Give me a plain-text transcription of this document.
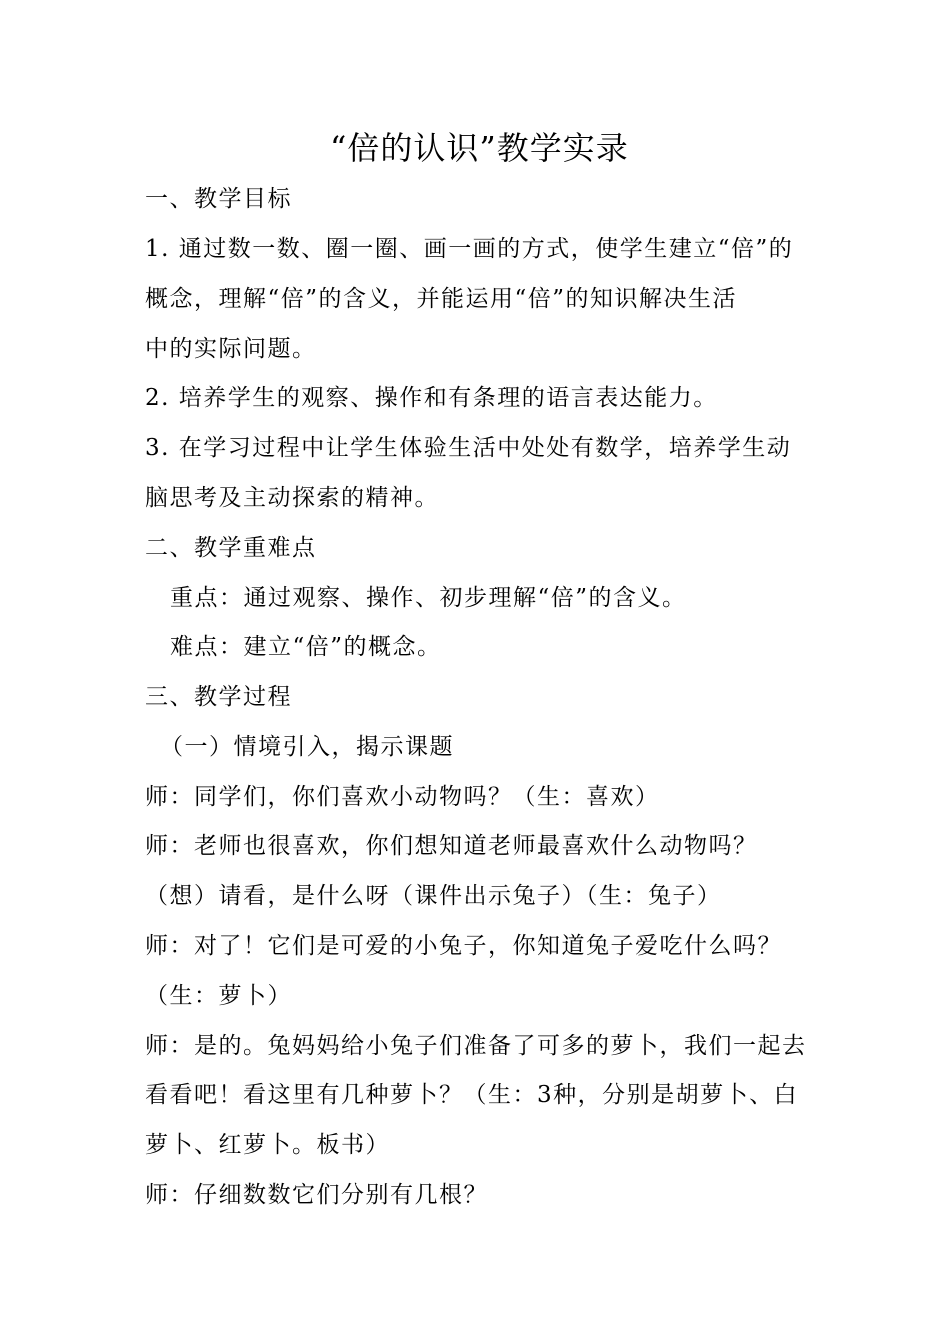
“倍的认识”教学实录
一、教学目标
1. 通过数一数、圈一圈、画一画的方式，使学生建立“倍”的
概念，理解“倍”的含义，并能运用“倍”的知识解决生活
中的实际问题。
2. 培养学生的观察、操作和有条理的语言表达能力。
3. 在学习过程中让学生体验生活中处处有数学，培养学生动
脑思考及主动探索的精神。
二、教学重难点
重点：通过观察、操作、初步理解“倍”的含义。
难点：建立“倍”的概念。
三、教学过程
（一）情境引入，揭示课题
师：同学们，你们喜欢小动物吗？（生：喜欢）
师：老师也很喜欢，你们想知道老师最喜欢什么动物吗？
（想）请看，是什么呀（课件出示兔子）（生：兔子）
师：对了！它们是可爱的小兔子，你知道兔子爱吃什么吗？
（生：萝卜）
师：是的。兔妈妈给小兔子们准备了可多的萝卜，我们一起去
看看吧！看这里有几种萝卜？（生：3种，分别是胡萝卜、白
萝卜、红萝卜。板书）
师：仔细数数它们分别有几根？
